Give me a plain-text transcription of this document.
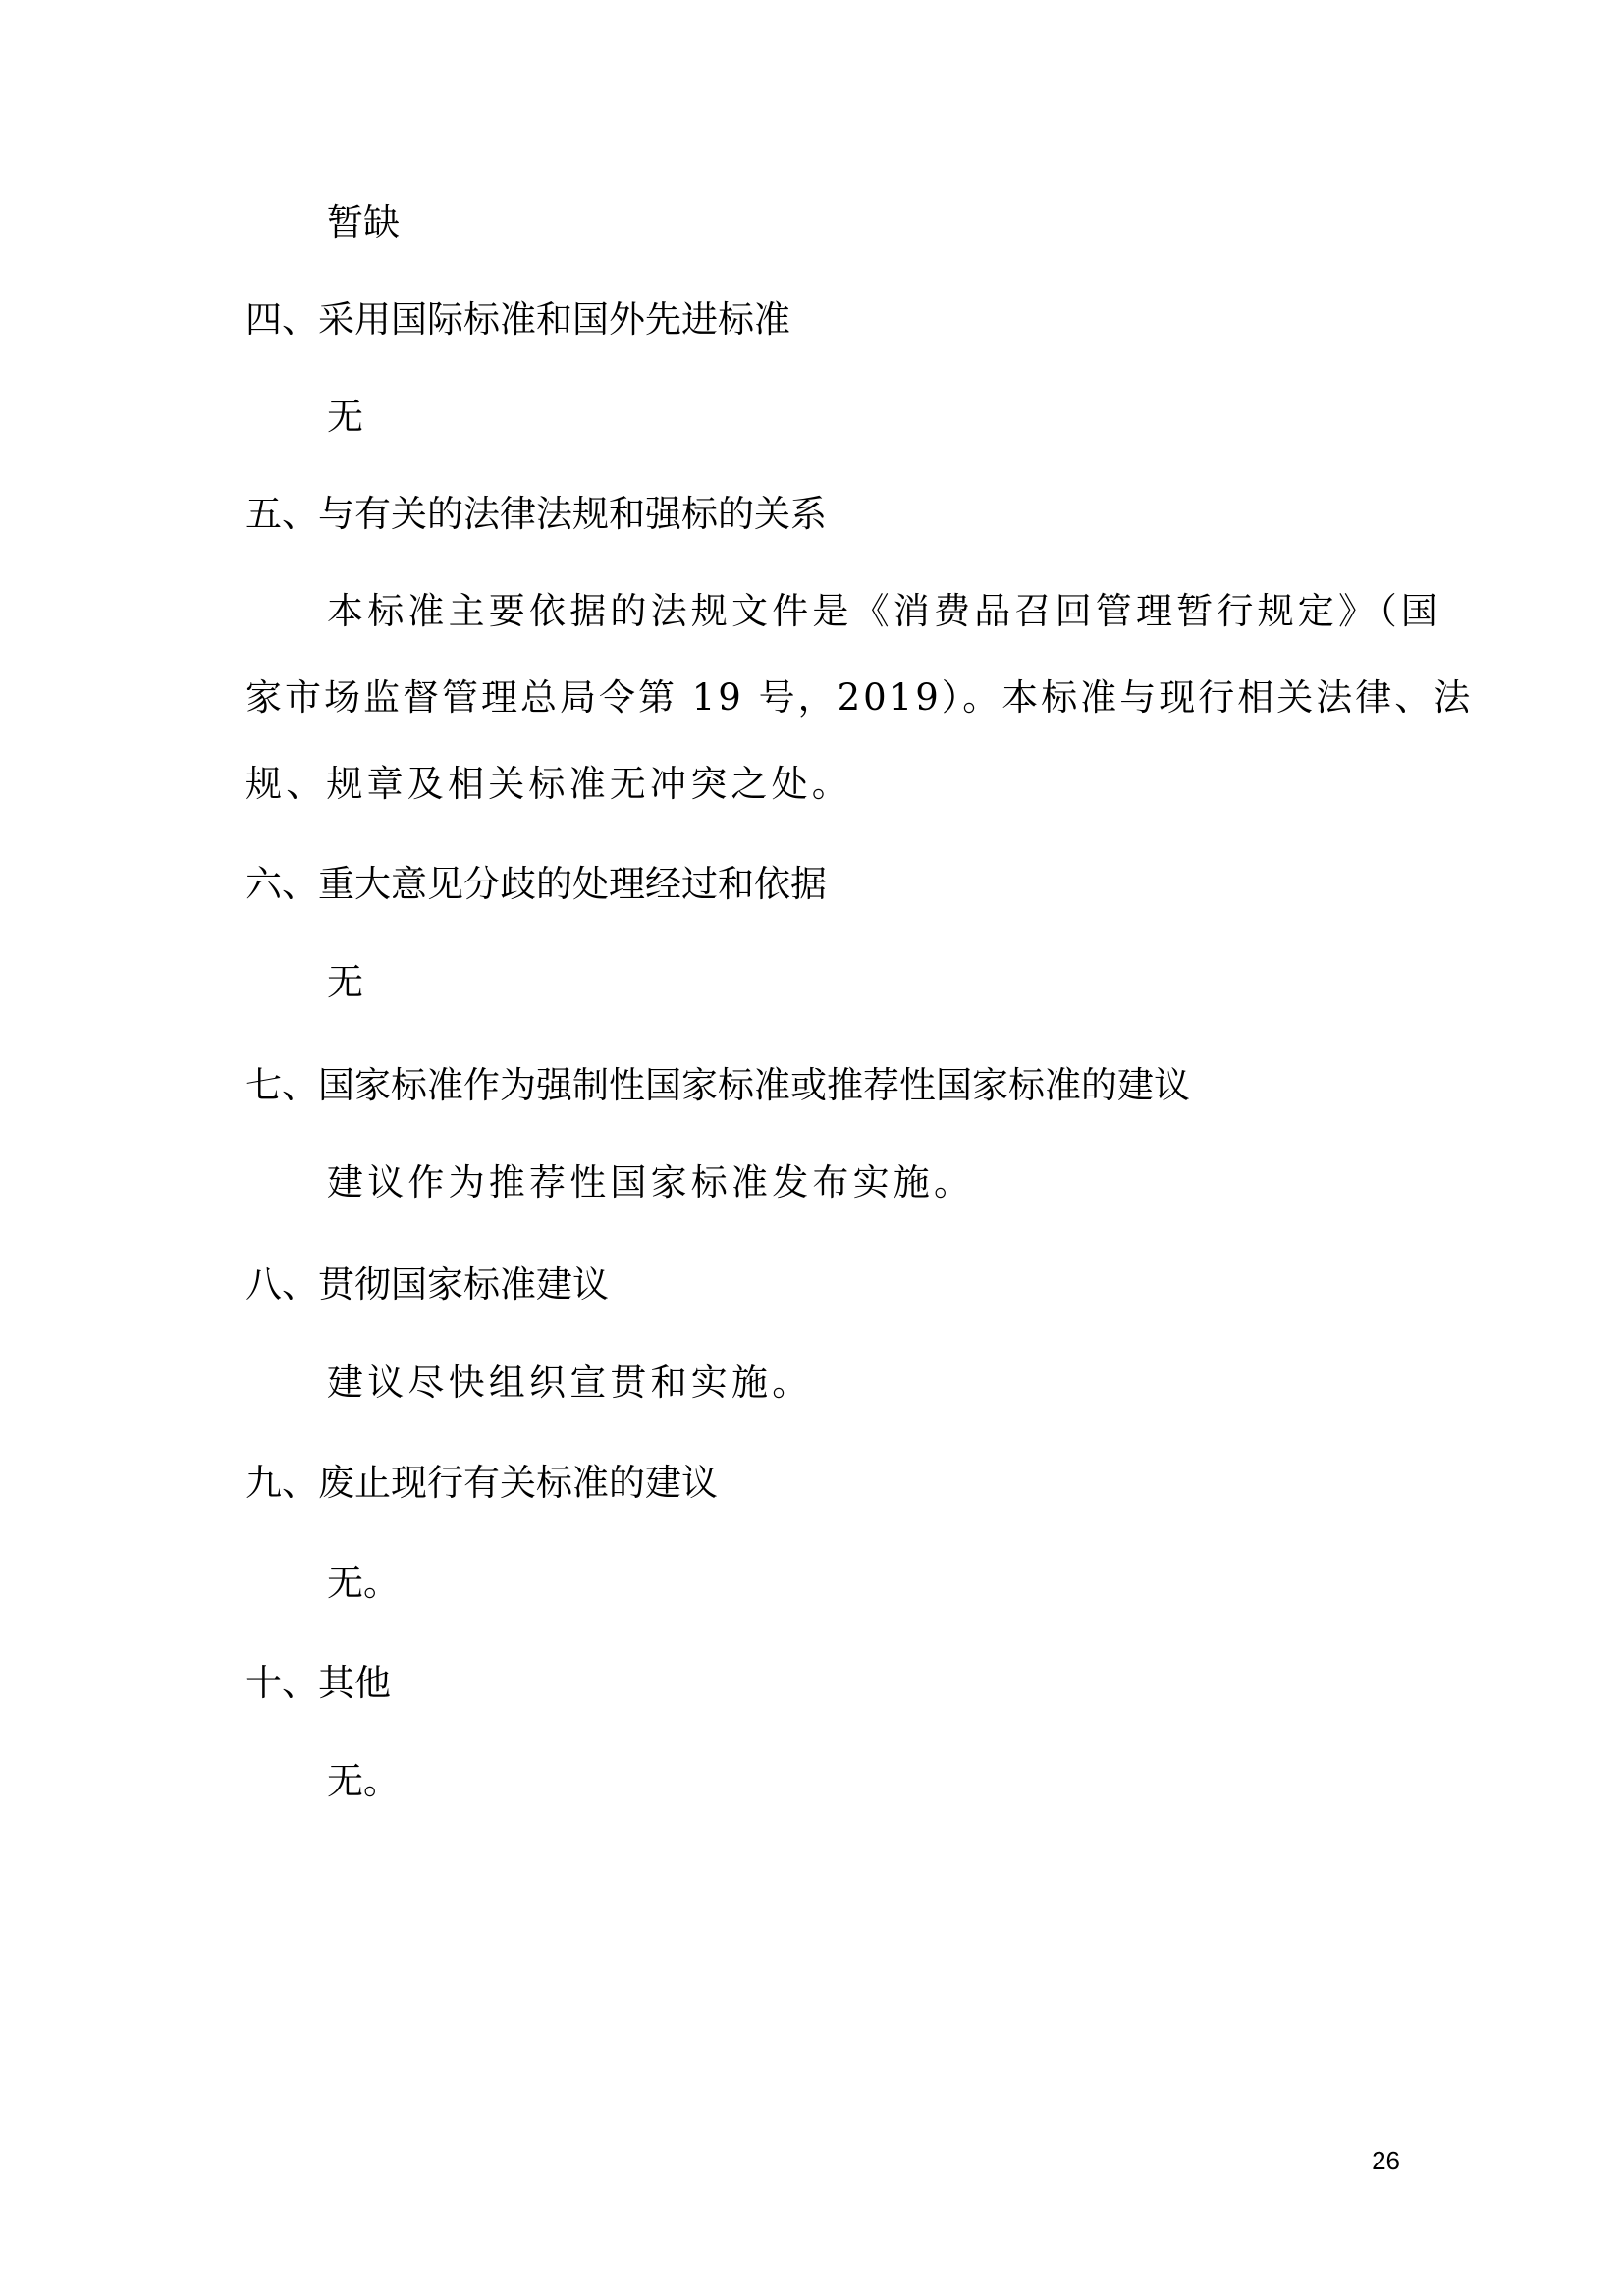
暂缺
四、采用国际标准和国外先进标准
无
五、与有关的法律法规和强标的关系
本标准主要依据的法规文件是《消费品召回管理暂行规定》（国
家市场监督管理总局令第 19 号，2019）。本标准与现行相关法律、法
规、规章及相关标准无冲突之处。
六、重大意见分歧的处理经过和依据
无
七、国家标准作为强制性国家标准或推荐性国家标准的建议
建议作为推荐性国家标准发布实施。
八、贯彻国家标准建议
建议尽快组织宣贯和实施。
九、废止现行有关标准的建议
无。
十、其他
无。
26
